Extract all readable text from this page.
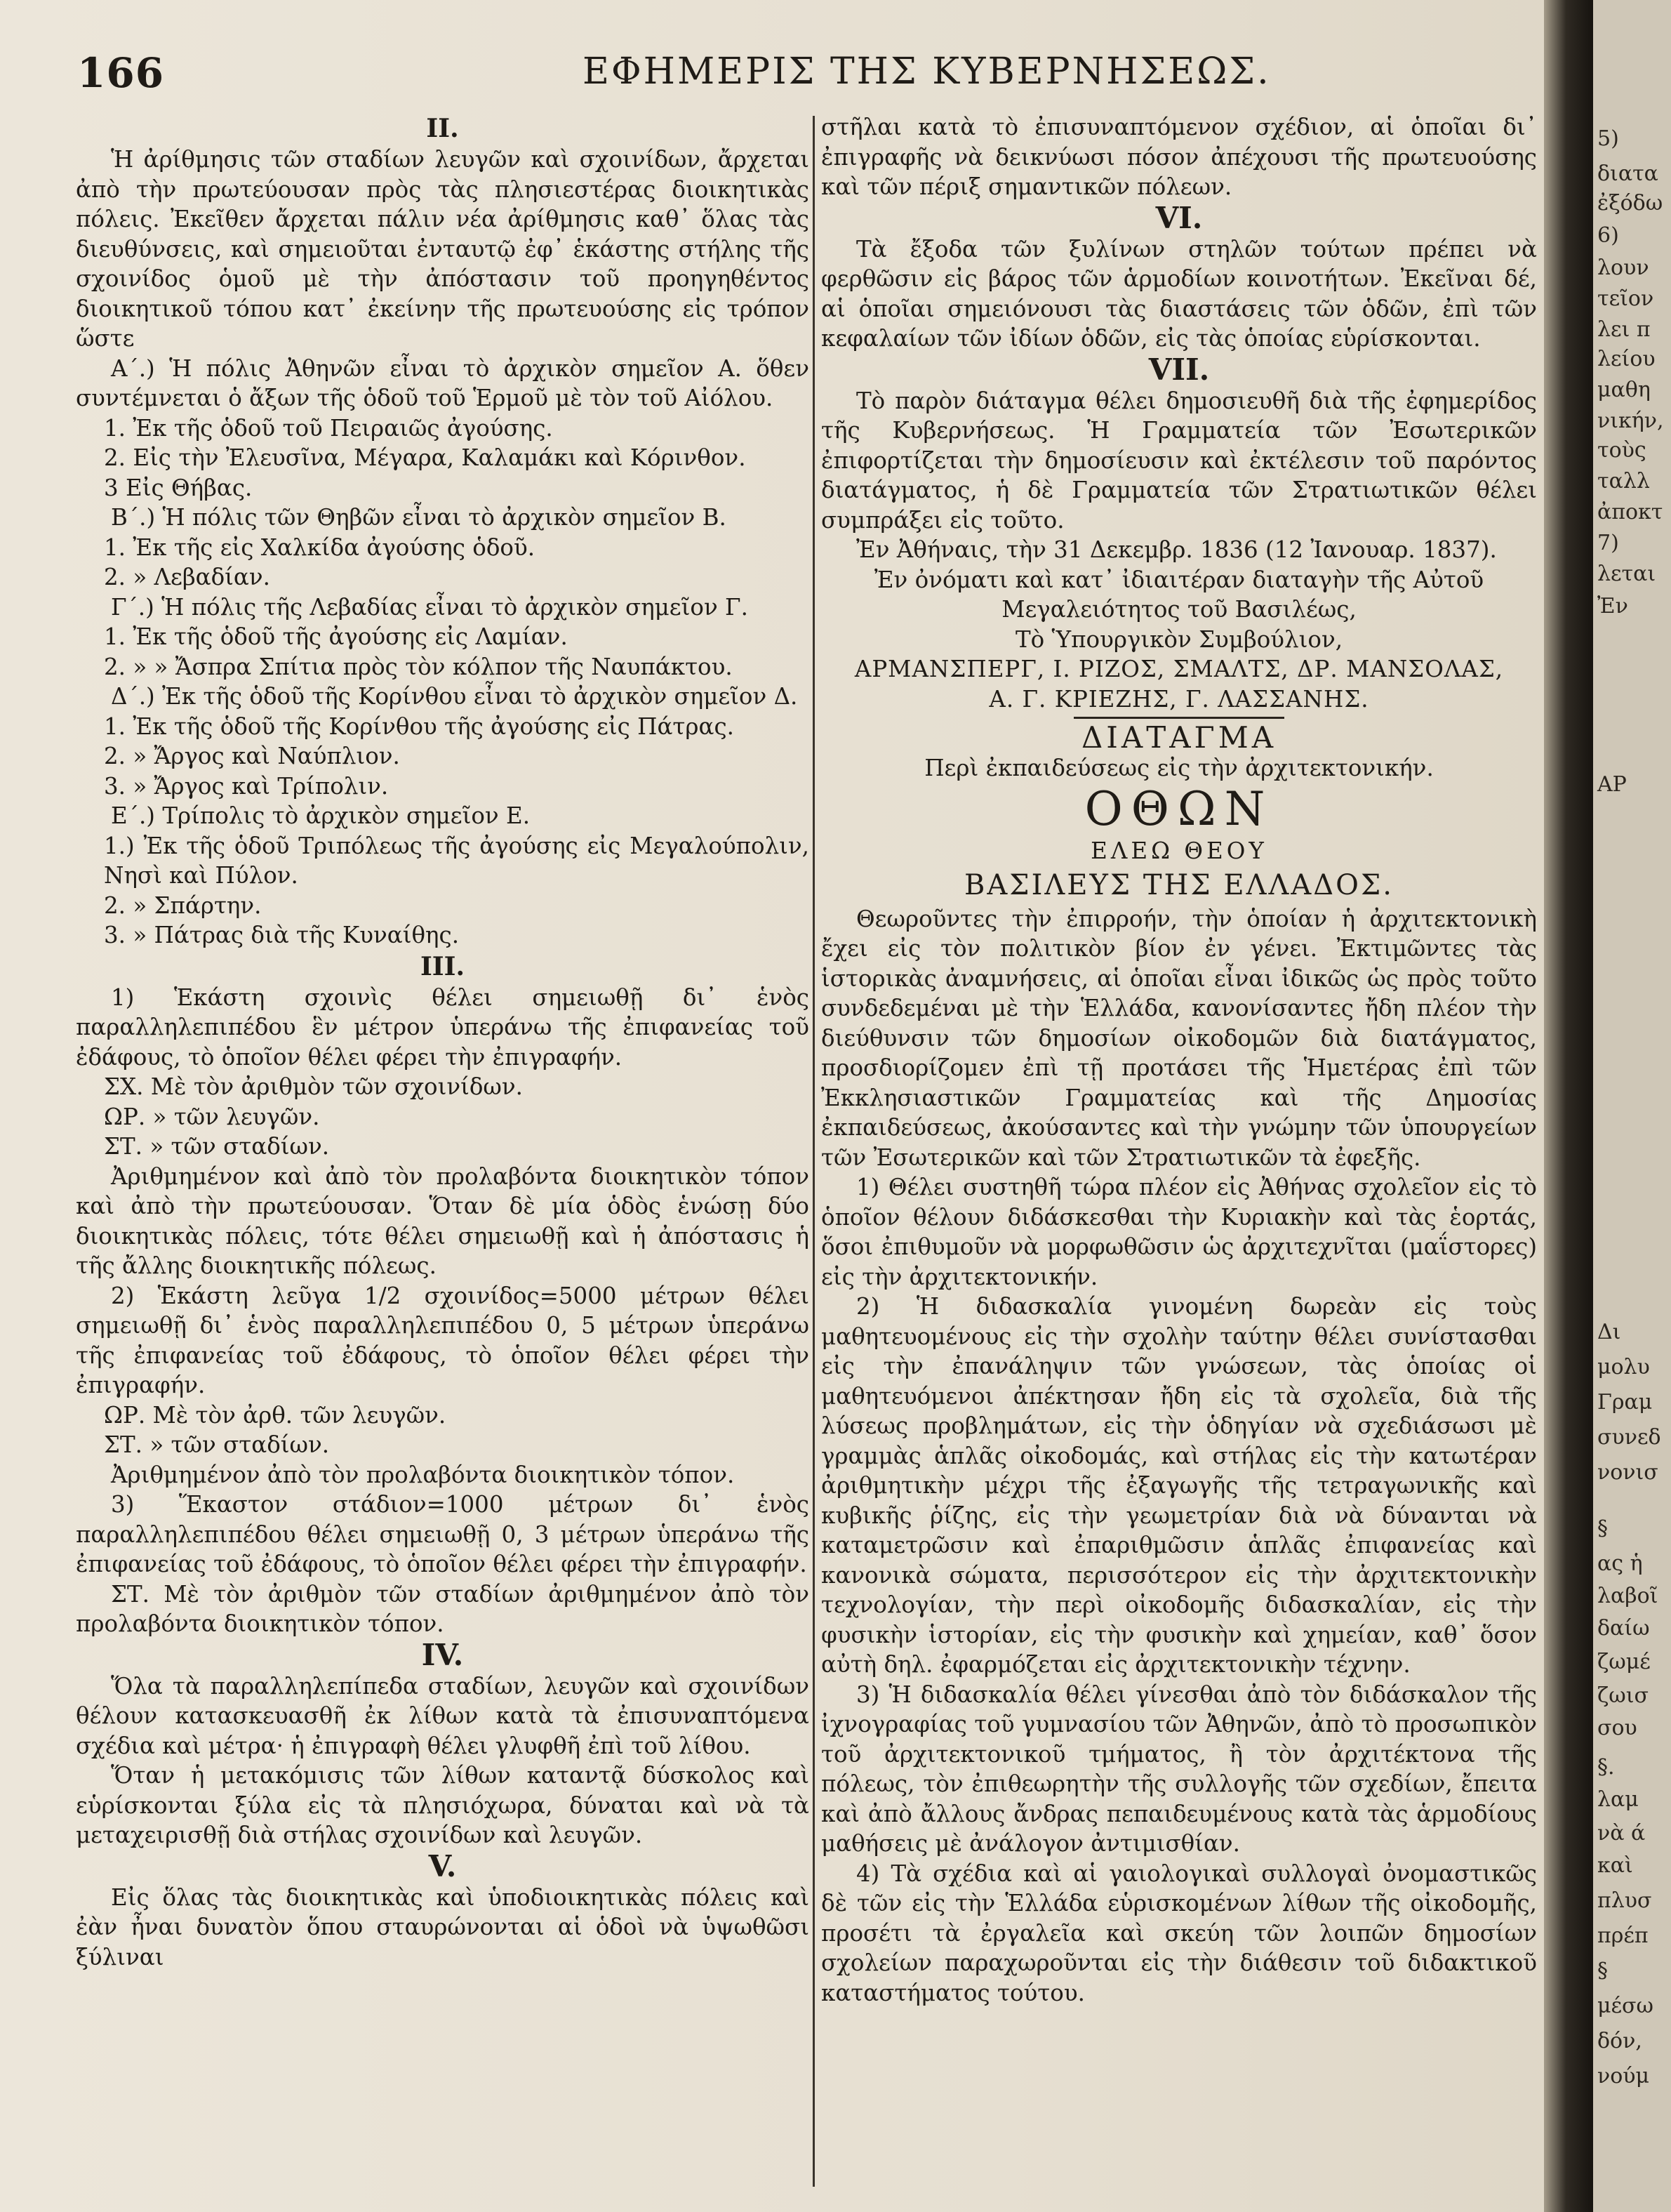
166	ΕΦΗΜΕΡΙΣ ΤΗΣ ΚΥΒΕΡΝΗΣΕΩΣ.

II.

Ἡ ἀρίθμησις τῶν σταδίων λευγῶν καὶ σχοινίδων, ἄρχεται ἀπὸ τὴν πρωτεύουσαν πρὸς τὰς πλησιεστέρας διοικητικὰς πόλεις. Ἐκεῖθεν ἄρχεται πάλιν νέα ἀρίθμησις καθ᾽ ὅλας τὰς διευθύνσεις, καὶ σημειοῦται ἐνταυτῷ ἐφ᾽ ἑκάστης στήλης τῆς σχοινίδος ὁμοῦ μὲ τὴν ἀπόστασιν τοῦ προηγηθέντος διοικητικοῦ τόπου κατ᾽ ἐκείνην τῆς πρωτευούσης εἰς τρόπον ὥστε

Α΄.) Ἡ πόλις Ἀθηνῶν εἶναι τὸ ἀρχικὸν σημεῖον Α. ὅθεν συντέμνεται ὁ ἄξων τῆς ὁδοῦ τοῦ Ἑρμοῦ μὲ τὸν τοῦ Αἰόλου.

1. Ἐκ τῆς ὁδοῦ τοῦ Πειραιῶς ἀγούσης.

2. Εἰς τὴν Ἐλευσῖνα, Μέγαρα, Καλαμάκι καὶ Κόρινθον.

3 Εἰς Θήβας.

Β΄.) Ἡ πόλις τῶν Θηβῶν εἶναι τὸ ἀρχικὸν σημεῖον Β.

1. Ἐκ τῆς εἰς Χαλκίδα ἀγούσης ὁδοῦ.

2. » Λεβαδίαν.

Γ΄.) Ἡ πόλις τῆς Λεβαδίας εἶναι τὸ ἀρχικὸν σημεῖον Γ.

1. Ἐκ τῆς ὁδοῦ τῆς ἀγούσης εἰς Λαμίαν.

2. » » Ἄσπρα Σπίτια πρὸς τὸν κόλπον τῆς Ναυπάκτου.

Δ΄.) Ἐκ τῆς ὁδοῦ τῆς Κορίνθου εἶναι τὸ ἀρχικὸν σημεῖον Δ.

1. Ἐκ τῆς ὁδοῦ τῆς Κορίνθου τῆς ἀγούσης εἰς Πάτρας.

2. » Ἄργος καὶ Ναύπλιον.

3. » Ἄργος καὶ Τρίπολιν.

Ε΄.) Τρίπολις τὸ ἀρχικὸν σημεῖον Ε.

1.) Ἐκ τῆς ὁδοῦ Τριπόλεως τῆς ἀγούσης εἰς Μεγαλούπολιν, Νησὶ καὶ Πύλον.

2. » Σπάρτην.

3. » Πάτρας διὰ τῆς Κυναίθης.

III.

1) Ἑκάστη σχοινὶς θέλει σημειωθῇ δι᾽ ἑνὸς παραλληλεπιπέδου ἓν μέτρον ὑπεράνω τῆς ἐπιφανείας τοῦ ἐδάφους, τὸ ὁποῖον θέλει φέρει τὴν ἐπιγραφήν.

ΣΧ. Μὲ τὸν ἀριθμὸν τῶν σχοινίδων.

ΩΡ. » τῶν λευγῶν.

ΣΤ. » τῶν σταδίων.

Ἀριθμημένον καὶ ἀπὸ τὸν προλαβόντα διοικητικὸν τόπον καὶ ἀπὸ τὴν πρωτεύουσαν. Ὅταν δὲ μία ὁδὸς ἑνώσῃ δύο διοικητικὰς πόλεις, τότε θέλει σημειωθῇ καὶ ἡ ἀπόστασις ἡ τῆς ἄλλης διοικητικῆς πόλεως.

2) Ἑκάστη λεῦγα 1/2 σχοινίδος=5000 μέτρων θέλει σημειωθῇ δι᾽ ἑνὸς παραλληλεπιπέδου 0, 5 μέτρων ὑπεράνω τῆς ἐπιφανείας τοῦ ἐδάφους, τὸ ὁποῖον θέλει φέρει τὴν ἐπιγραφήν.

ΩΡ. Μὲ τὸν ἀρθ. τῶν λευγῶν.

ΣΤ. » τῶν σταδίων.

Ἀριθμημένον ἀπὸ τὸν προλαβόντα διοικητικὸν τόπον.

3) Ἕκαστον στάδιον=1000 μέτρων δι᾽ ἑνὸς παραλληλεπιπέδου θέλει σημειωθῇ 0, 3 μέτρων ὑπεράνω τῆς ἐπιφανείας τοῦ ἐδάφους, τὸ ὁποῖον θέλει φέρει τὴν ἐπιγραφήν.

ΣΤ. Μὲ τὸν ἀριθμὸν τῶν σταδίων ἀριθμημένον ἀπὸ τὸν προλαβόντα διοικητικὸν τόπον.

IV.

Ὅλα τὰ παραλληλεπίπεδα σταδίων, λευγῶν καὶ σχοινίδων θέλουν κατασκευασθῆ ἐκ λίθων κατὰ τὰ ἐπισυναπτόμενα σχέδια καὶ μέτρα· ἡ ἐπιγραφὴ θέλει γλυφθῆ ἐπὶ τοῦ λίθου.

Ὅταν ἡ μετακόμισις τῶν λίθων καταντᾷ δύσκολος καὶ εὑρίσκονται ξύλα εἰς τὰ πλησιόχωρα, δύναται καὶ νὰ τὰ μεταχειρισθῇ διὰ στήλας σχοινίδων καὶ λευγῶν.

V.

Εἰς ὅλας τὰς διοικητικὰς καὶ ὑποδιοικητικὰς πόλεις καὶ ἐὰν ἦναι δυνατὸν ὅπου σταυρώνονται αἱ ὁδοὶ νὰ ὑψωθῶσι ξύλιναι

στῆλαι κατὰ τὸ ἐπισυναπτόμενον σχέδιον, αἱ ὁποῖαι δι᾽ ἐπιγραφῆς νὰ δεικνύωσι πόσον ἀπέχουσι τῆς πρωτευούσης καὶ τῶν πέριξ σημαντικῶν πόλεων.

VI.

Τὰ ἔξοδα τῶν ξυλίνων στηλῶν τούτων πρέπει νὰ φερθῶσιν εἰς βάρος τῶν ἁρμοδίων κοινοτήτων. Ἐκεῖναι δέ, αἱ ὁποῖαι σημειόνουσι τὰς διαστάσεις τῶν ὁδῶν, ἐπὶ τῶν κεφαλαίων τῶν ἰδίων ὁδῶν, εἰς τὰς ὁποίας εὑρίσκονται.

VII.

Τὸ παρὸν διάταγμα θέλει δημοσιευθῆ διὰ τῆς ἐφημερίδος τῆς Κυβερνήσεως. Ἡ Γραμματεία τῶν Ἐσωτερικῶν ἐπιφορτίζεται τὴν δημοσίευσιν καὶ ἐκτέλεσιν τοῦ παρόντος διατάγματος, ἡ δὲ Γραμματεία τῶν Στρατιωτικῶν θέλει συμπράξει εἰς τοῦτο.

Ἐν Ἀθήναις, τὴν 31 Δεκεμβρ. 1836 (12 Ἰανουαρ. 1837).

Ἐν ὀνόματι καὶ κατ᾽ ἰδιαιτέραν διαταγὴν τῆς Αὐτοῦ

Μεγαλειότητος τοῦ Βασιλέως,

Τὸ Ὑπουργικὸν Συμβούλιον,

ΑΡΜΑΝΣΠΕΡΓ, Ι. ΡΙΖΟΣ, ΣΜΑΛΤΣ, ΔΡ. ΜΑΝΣΟΛΑΣ,

Α. Γ. ΚΡΙΕΖΗΣ, Γ. ΛΑΣΣΑΝΗΣ.

ΔΙΑΤΑΓΜΑ

Περὶ ἐκπαιδεύσεως εἰς τὴν ἀρχιτεκτονικήν.

ΟΘΩΝ

ΕΛΕΩ ΘΕΟΥ

ΒΑΣΙΛΕΥΣ ΤΗΣ ΕΛΛΑΔΟΣ.

Θεωροῦντες τὴν ἐπιρροήν, τὴν ὁποίαν ἡ ἀρχιτεκτονικὴ ἔχει εἰς τὸν πολιτικὸν βίον ἐν γένει. Ἐκτιμῶντες τὰς ἱστορικὰς ἀναμνήσεις, αἱ ὁποῖαι εἶναι ἰδικῶς ὡς πρὸς τοῦτο συνδεδεμέναι μὲ τὴν Ἑλλάδα, κανονίσαντες ἤδη πλέον τὴν διεύθυνσιν τῶν δημοσίων οἰκοδομῶν διὰ διατάγματος, προσδιορίζομεν ἐπὶ τῇ προτάσει τῆς Ἡμετέρας ἐπὶ τῶν Ἐκκλησιαστικῶν Γραμματείας καὶ τῆς Δημοσίας ἐκπαιδεύσεως, ἀκούσαντες καὶ τὴν γνώμην τῶν ὑπουργείων τῶν Ἐσωτερικῶν καὶ τῶν Στρατιωτικῶν τὰ ἐφεξῆς.

1) Θέλει συστηθῆ τώρα πλέον εἰς Ἀθήνας σχολεῖον εἰς τὸ ὁποῖον θέλουν διδάσκεσθαι τὴν Κυριακὴν καὶ τὰς ἑορτάς, ὅσοι ἐπιθυμοῦν νὰ μορφωθῶσιν ὡς ἀρχιτεχνῖται (μαΐστορες) εἰς τὴν ἀρχιτεκτονικήν.

2) Ἡ διδασκαλία γινομένη δωρεὰν εἰς τοὺς μαθητευομένους εἰς τὴν σχολὴν ταύτην θέλει συνίστασθαι εἰς τὴν ἐπανάληψιν τῶν γνώσεων, τὰς ὁποίας οἱ μαθητευόμενοι ἀπέκτησαν ἤδη εἰς τὰ σχολεῖα, διὰ τῆς λύσεως προβλημάτων, εἰς τὴν ὁδηγίαν νὰ σχεδιάσωσι μὲ γραμμὰς ἁπλᾶς οἰκοδομάς, καὶ στήλας εἰς τὴν κατωτέραν ἀριθμητικὴν μέχρι τῆς ἐξαγωγῆς τῆς τετραγωνικῆς καὶ κυβικῆς ῥίζης, εἰς τὴν γεωμετρίαν διὰ νὰ δύνανται νὰ καταμετρῶσιν καὶ ἐπαριθμῶσιν ἁπλᾶς ἐπιφανείας καὶ κανονικὰ σώματα, περισσότερον εἰς τὴν ἀρχιτεκτονικὴν τεχνολογίαν, τὴν περὶ οἰκοδομῆς διδασκαλίαν, εἰς τὴν φυσικὴν ἱστορίαν, εἰς τὴν φυσικὴν καὶ χημείαν, καθ᾽ ὅσον αὐτὴ δηλ. ἐφαρμόζεται εἰς ἀρχιτεκτονικὴν τέχνην.

3) Ἡ διδασκαλία θέλει γίνεσθαι ἀπὸ τὸν διδάσκαλον τῆς ἰχνογραφίας τοῦ γυμνασίου τῶν Ἀθηνῶν, ἀπὸ τὸ προσωπικὸν τοῦ ἀρχιτεκτονικοῦ τμήματος, ἢ τὸν ἀρχιτέκτονα τῆς πόλεως, τὸν ἐπιθεωρητὴν τῆς συλλογῆς τῶν σχεδίων, ἔπειτα καὶ ἀπὸ ἄλλους ἄνδρας πεπαιδευμένους κατὰ τὰς ἁρμοδίους μαθήσεις μὲ ἀνάλογον ἀντιμισθίαν.

4) Τὰ σχέδια καὶ αἱ γαιολογικαὶ συλλογαὶ ὀνομαστικῶς δὲ τῶν εἰς τὴν Ἑλλάδα εὑρισκομένων λίθων τῆς οἰκοδομῆς, προσέτι τὰ ἐργαλεῖα καὶ σκεύη τῶν λοιπῶν δημοσίων σχολείων παραχωροῦνται εἰς τὴν διάθεσιν τοῦ διδακτικοῦ καταστήματος τούτου.

5)
διατα
ἐξόδω
6)
λουν
τεῖον
λει π
λείου
μαθη
νικήν,
τοὺς
ταλλ
ἀποκτ
7)
λεται
Ἐν
ΑΡ
Δι
μολυ
Γραμ
συνεδ
νονισ
§
ας ἡ
λαβοῖ
δαίω
ζωμέ
ζωισ
σου
§.
λαμ
νὰ ά
καὶ
πλυσ
πρέπ
§
μέσω
δόν,
νούμ
